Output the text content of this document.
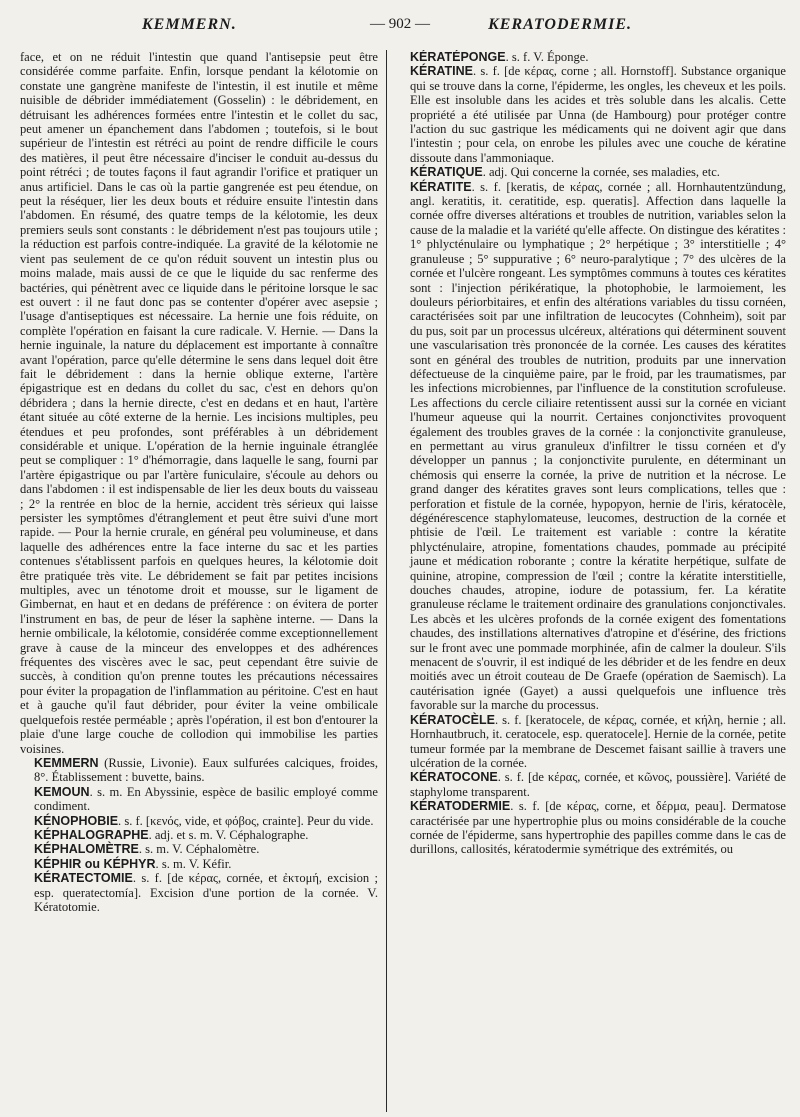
KEMMERN.	— 902 —	KERATODERMIE.

face, et on ne réduit l'intestin que quand l'antisepsie peut être considérée comme parfaite. Enfin, lorsque pendant la kélotomie on constate une gangrène manifeste de l'intestin, il est inutile et même nuisible de débrider immédiatement (Gosselin) : le débridement, en détruisant les adhérences formées entre l'intestin et le collet du sac, peut amener un épanchement dans l'abdomen ; toutefois, si le bout supérieur de l'intestin est rétréci au point de rendre difficile le cours des matières, il peut être nécessaire d'inciser le conduit au-dessus du point rétréci ; de toutes façons il faut agrandir l'orifice et pratiquer un anus artificiel. Dans le cas où la partie gangrenée est peu étendue, on peut la réséquer, lier les deux bouts et réduire ensuite l'intestin dans l'abdomen. En résumé, des quatre temps de la kélotomie, les deux premiers seuls sont constants : le débridement n'est pas toujours utile ; la réduction est parfois contre-indiquée. La gravité de la kélotomie ne vient pas seulement de ce qu'on réduit souvent un intestin plus ou moins malade, mais aussi de ce que le liquide du sac renferme des bactéries, qui pénètrent avec ce liquide dans le péritoine lorsque le sac est ouvert : il ne faut donc pas se contenter d'opérer avec asepsie ; l'usage d'antiseptiques est nécessaire. La hernie une fois réduite, on complète l'opération en faisant la cure radicale. V. Hernie. — Dans la hernie inguinale, la nature du déplacement est importante à connaître avant l'opération, parce qu'elle détermine le sens dans lequel doit être fait le débridement : dans la hernie oblique externe, l'artère épigastrique est en dedans du collet du sac, c'est en dehors qu'on débridera ; dans la hernie directe, c'est en dedans et en haut, l'artère étant située au côté externe de la hernie. Les incisions multiples, peu étendues et peu profondes, sont préférables à un débridement considérable et unique. L'opération de la hernie inguinale étranglée peut se compliquer : 1° d'hémorragie, dans laquelle le sang, fourni par l'artère épigastrique ou par l'artère funiculaire, s'écoule au dehors ou dans l'abdomen : il est indispensable de lier les deux bouts du vaisseau ; 2° la rentrée en bloc de la hernie, accident très sérieux qui laisse persister les symptômes d'étranglement et peut être suivi d'une mort rapide. — Pour la hernie crurale, en général peu volumineuse, et dans laquelle des adhérences entre la face interne du sac et les parties contenues s'établissent parfois en quelques heures, la kélotomie doit être pratiquée très vite. Le débridement se fait par petites incisions multiples, avec un ténotome droit et mousse, sur le ligament de Gimbernat, en haut et en dedans de préférence : on évitera de porter l'instrument en bas, de peur de léser la saphène interne. — Dans la hernie ombilicale, la kélotomie, considérée comme exceptionnellement grave à cause de la minceur des enveloppes et des adhérences fréquentes des viscères avec le sac, peut cependant être suivie de succès, à condition qu'on prenne toutes les précautions nécessaires pour éviter la propagation de l'inflammation au péritoine. C'est en haut et à gauche qu'il faut débrider, pour éviter la veine ombilicale quelquefois restée perméable ; après l'opération, il est bon d'entourer la plaie d'une large couche de collodion qui immobilise les parties voisines.

KEMMERN (Russie, Livonie). Eaux sulfurées calciques, froides, 8°. Établissement : buvette, bains.

KEMOUN. s. m. En Abyssinie, espèce de basilic employé comme condiment.

KÉNOPHOBIE. s. f. [κενός, vide, et φόβος, crainte]. Peur du vide.

KÉPHALOGRAPHE. adj. et s. m. V. Céphalographe.

KÉPHALOMÈTRE. s. m. V. Céphalomètre.

KÉPHIR ou KÉPHYR. s. m. V. Kéfir.

KÉRATECTOMIE. s. f. [de κέρας, cornée, et ἐκτομή, excision ; esp. queratectomía]. Excision d'une portion de la cornée. V. Kératotomie.

KÉRATÉPONGE. s. f. V. Éponge.

KÉRATINE. s. f. [de κέρας, corne ; all. Hornstoff]. Substance organique qui se trouve dans la corne, l'épiderme, les ongles, les cheveux et les poils. Elle est insoluble dans les acides et très soluble dans les alcalis. Cette propriété a été utilisée par Unna (de Hambourg) pour protéger contre l'action du suc gastrique les médicaments qui ne doivent agir que dans l'intestin ; pour cela, on enrobe les pilules avec une couche de kératine dissoute dans l'ammoniaque.

KÉRATIQUE. adj. Qui concerne la cornée, ses maladies, etc.

KÉRATITE. s. f. [keratis, de κέρας, cornée ; all. Hornhautentzündung, angl. keratitis, it. ceratitide, esp. queratis]. Affection dans laquelle la cornée offre diverses altérations et troubles de nutrition, variables selon la cause de la maladie et la variété qu'elle affecte. On distingue des kératites : 1° phlycténulaire ou lymphatique ; 2° herpétique ; 3° interstitielle ; 4° granuleuse ; 5° suppurative ; 6° neuro-paralytique ; 7° des ulcères de la cornée et l'ulcère rongeant. Les symptômes communs à toutes ces kératites sont : l'injection périkératique, la photophobie, le larmoiement, les douleurs périorbitaires, et enfin des altérations variables du tissu cornéen, caractérisées soit par une infiltration de leucocytes (Cohnheim), soit par du pus, soit par un processus ulcéreux, altérations qui déterminent souvent une vascularisation très prononcée de la cornée. Les causes des kératites sont en général des troubles de nutrition, produits par une innervation défectueuse de la cinquième paire, par le froid, par les traumatismes, par les infections microbiennes, par l'influence de la constitution scrofuleuse. Les affections du cercle ciliaire retentissent aussi sur la cornée en viciant l'humeur aqueuse qui la nourrit. Certaines conjonctivites provoquent également des troubles graves de la cornée : la conjonctivite granuleuse, en permettant au virus granuleux d'infiltrer le tissu cornéen et d'y développer un pannus ; la conjonctivite purulente, en déterminant un chémosis qui enserre la cornée, la prive de nutrition et la nécrose. Le grand danger des kératites graves sont leurs complications, telles que : perforation et fistule de la cornée, hypopyon, hernie de l'iris, kératocèle, dégénérescence staphylomateuse, leucomes, destruction de la cornée et phtisie de l'œil. Le traitement est variable : contre la kératite phlycténulaire, atropine, fomentations chaudes, pommade au précipité jaune et médication roborante ; contre la kératite herpétique, sulfate de quinine, atropine, compression de l'œil ; contre la kératite interstitielle, douches chaudes, atropine, iodure de potassium, fer. La kératite granuleuse réclame le traitement ordinaire des granulations conjonctivales. Les abcès et les ulcères profonds de la cornée exigent des fomentations chaudes, des instillations alternatives d'atropine et d'ésérine, des frictions sur le front avec une pommade morphinée, afin de calmer la douleur. S'ils menacent de s'ouvrir, il est indiqué de les débrider et de les fendre en deux moitiés avec un étroit couteau de De Graefe (opération de Saemisch). La cautérisation ignée (Gayet) a aussi quelquefois une influence très favorable sur la marche du processus.

KÉRATOCÈLE. s. f. [keratocele, de κέρας, cornée, et κήλη, hernie ; all. Hornhautbruch, it. ceratocele, esp. queratocele]. Hernie de la cornée, petite tumeur formée par la membrane de Descemet faisant saillie à travers une ulcération de la cornée.

KÉRATOCONE. s. f. [de κέρας, cornée, et κῶνος, poussière]. Variété de staphylome transparent.

KÉRATODERMIE. s. f. [de κέρας, corne, et δέρμα, peau]. Dermatose caractérisée par une hypertrophie plus ou moins considérable de la couche cornée de l'épiderme, sans hypertrophie des papilles comme dans le cas de durillons, callosités, kératodermie symétrique des extrémités, ou
